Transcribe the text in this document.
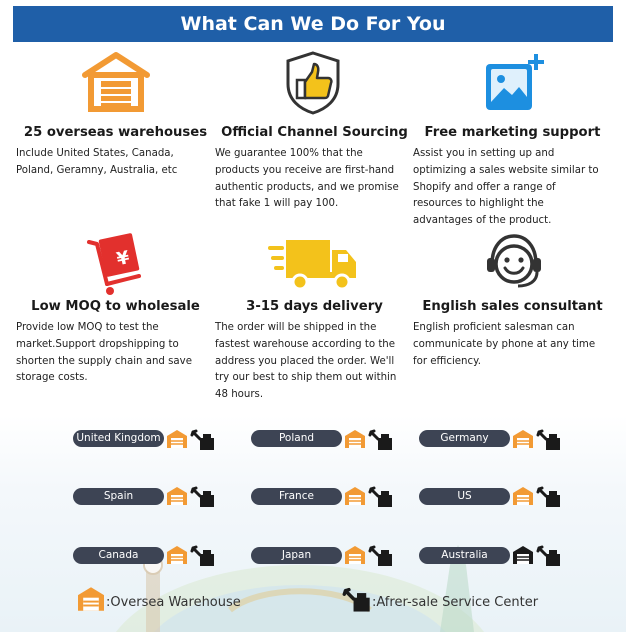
What Can We Do For You
25 overseas warehouses
Include United States, Canada,
Poland, Geramny, Australia, etc
Official Channel Sourcing
We guarantee 100% that the
products you receive are first-hand
authentic products, and we promise
that fake 1 will pay 100.
Free marketing support
Assist you in setting up and
optimizing a sales website similar to
Shopify and offer a range of
resources to highlight the
advantages of the product.
¥
Low MOQ to wholesale
Provide low MOQ to test the
market.Support dropshipping to
shorten the supply chain and save
storage costs.
3-15 days delivery
The order will be shipped in the
fastest warehouse according to the
address you placed the order. We'll
try our best to ship them out within
48 hours.
English sales consultant
English proficient salesman can
communicate by phone at any time
for efficiency.
United Kingdom	Poland	Germany
Spain	France	US
Canada	Japan	Australia
:Oversea Warehouse	:Afrer-sale Service Center
